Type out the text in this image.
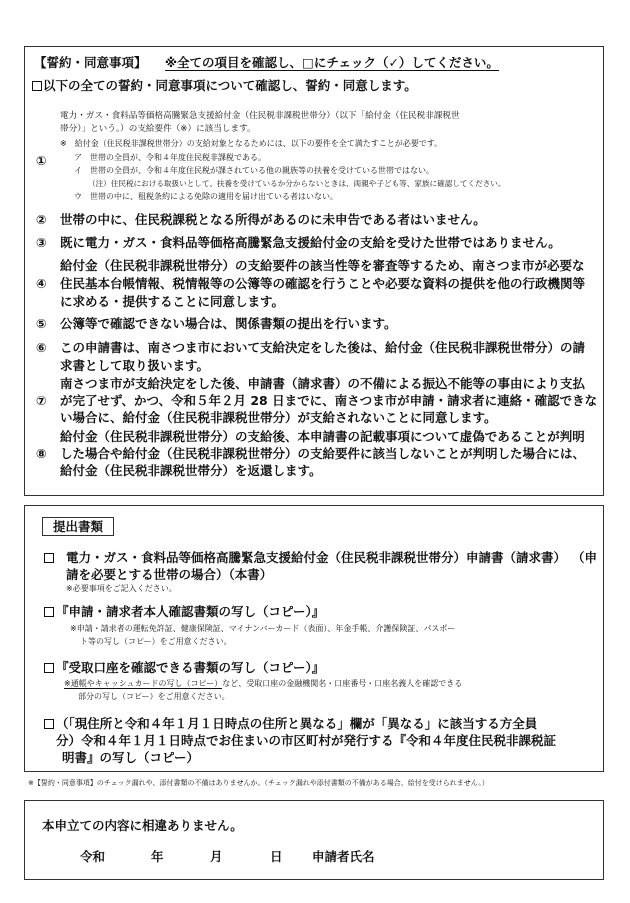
【誓約・同意事項】 ※全ての項目を確認し、□にチェック（✓）してください。
以下の全ての誓約・同意事項について確認し、誓約・同意します。
①
電力・ガス・食料品等価格高騰緊急支援給付金（住民税非課税世帯分）（以下「給付金（住民税非課税世
帯分）」という。）の支給要件（※）に該当します。
※　給付金（住民税非課税世帯分）の支給対象となるためには、以下の要件を全て満たすことが必要です。
ア　世帯の全員が、令和４年度住民税非課税である。
イ　世帯の全員が、令和４年度住民税が課されている他の親族等の扶養を受けている世帯ではない。
（注）住民税における取扱いとして、扶養を受けているか分からないときは、両親や子ども等、家族に確認してください。
ウ　世帯の中に、租税条約による免除の適用を届け出ている者はいない。
② 世帯の中に、住民税課税となる所得があるのに未申告である者はいません。
③ 既に電力・ガス・食料品等価格高騰緊急支援給付金の支給を受けた世帯ではありません。
④
給付金（住民税非課税世帯分）の支給要件の該当性等を審査等するため、南さつま市が必要な
住民基本台帳情報、税情報等の公簿等の確認を行うことや必要な資料の提供を他の行政機関等
に求める・提供することに同意します。
⑤ 公簿等で確認できない場合は、関係書類の提出を行います。
⑥ この申請書は、南さつま市において支給決定をした後は、給付金（住民税非課税世帯分）の請
求書として取り扱います。
⑦
南さつま市が支給決定をした後、申請書（請求書）の不備による振込不能等の事由により支払
が完了せず、かつ、令和５年２月 28 日までに、南さつま市が申請・請求者に連絡・確認できな
い場合に、給付金（住民税非課税世帯分）が支給されないことに同意します。
⑧
給付金（住民税非課税世帯分）の支給後、本申請書の記載事項について虚偽であることが判明
した場合や給付金（住民税非課税世帯分）の支給要件に該当しないことが判明した場合には、
給付金（住民税非課税世帯分）を返還します。
提出書類
電力・ガス・食料品等価格高騰緊急支援給付金（住民税非課税世帯分）申請書（請求書） （申
請を必要とする世帯の場合）（本書）
※必要事項をご記入ください。
『申請・請求者本人確認書類の写し（コピー）』
※申請・請求者の運転免許証、健康保険証、マイナンバーカード（表面）、年金手帳、介護保険証、パスポー
ト等の写し（コピー）をご用意ください。
『受取口座を確認できる書類の写し（コピー）』
※通帳やキャッシュカードの写し（コピー）など、受取口座の金融機関名・口座番号・口座名義人を確認できる
部分の写し（コピー）をご用意ください。
（「現住所と令和４年１月１日時点の住所と異なる」欄が「異なる」に該当する方全員
分）令和４年１月１日時点でお住まいの市区町村が発行する『令和４年度住民税非課税証
明書』の写し（コピー）
※【誓約・同意事項】のチェック漏れや、添付書類の不備はありませんか。（チェック漏れや添付書類の不備がある場合、給付を受けられません。）
本申立ての内容に相違ありません。
令和	年	月	日 申請者氏名
